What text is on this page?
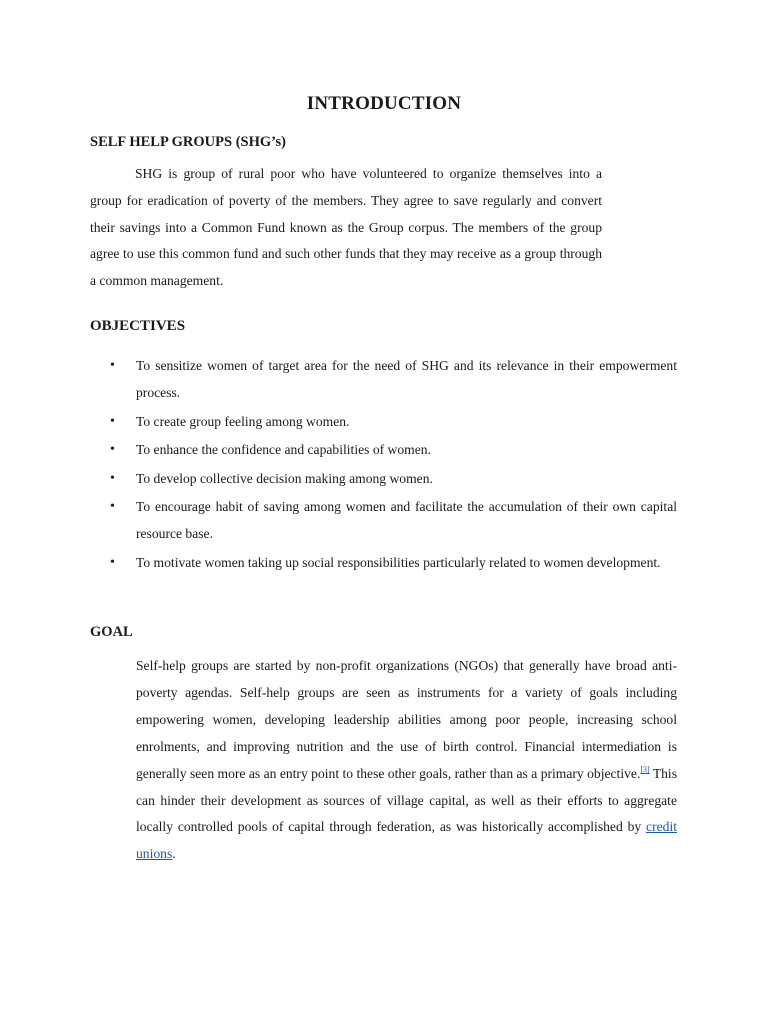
INTRODUCTION
SELF HELP GROUPS (SHG’s)
SHG is group of rural poor who have volunteered to organize themselves into a group for eradication of poverty of the members. They agree to save regularly and convert their savings into a Common Fund known as the Group corpus. The members of the group agree to use this common fund and such other funds that they may receive as a group through a common management.
OBJECTIVES
• To sensitize women of target area for the need of SHG and its relevance in their empowerment process.
• To create group feeling among women.
• To enhance the confidence and capabilities of women.
• To develop collective decision making among women.
• To encourage habit of saving among women and facilitate the accumulation of their own capital resource base.
• To motivate women taking up social responsibilities particularly related to women development.
GOAL
Self-help groups are started by non-profit organizations (NGOs) that generally have broad anti-poverty agendas. Self-help groups are seen as instruments for a variety of goals including empowering women, developing leadership abilities among poor people, increasing school enrolments, and improving nutrition and the use of birth control. Financial intermediation is generally seen more as an entry point to these other goals, rather than as a primary objective.[3] This can hinder their development as sources of village capital, as well as their efforts to aggregate locally controlled pools of capital through federation, as was historically accomplished by credit unions.
